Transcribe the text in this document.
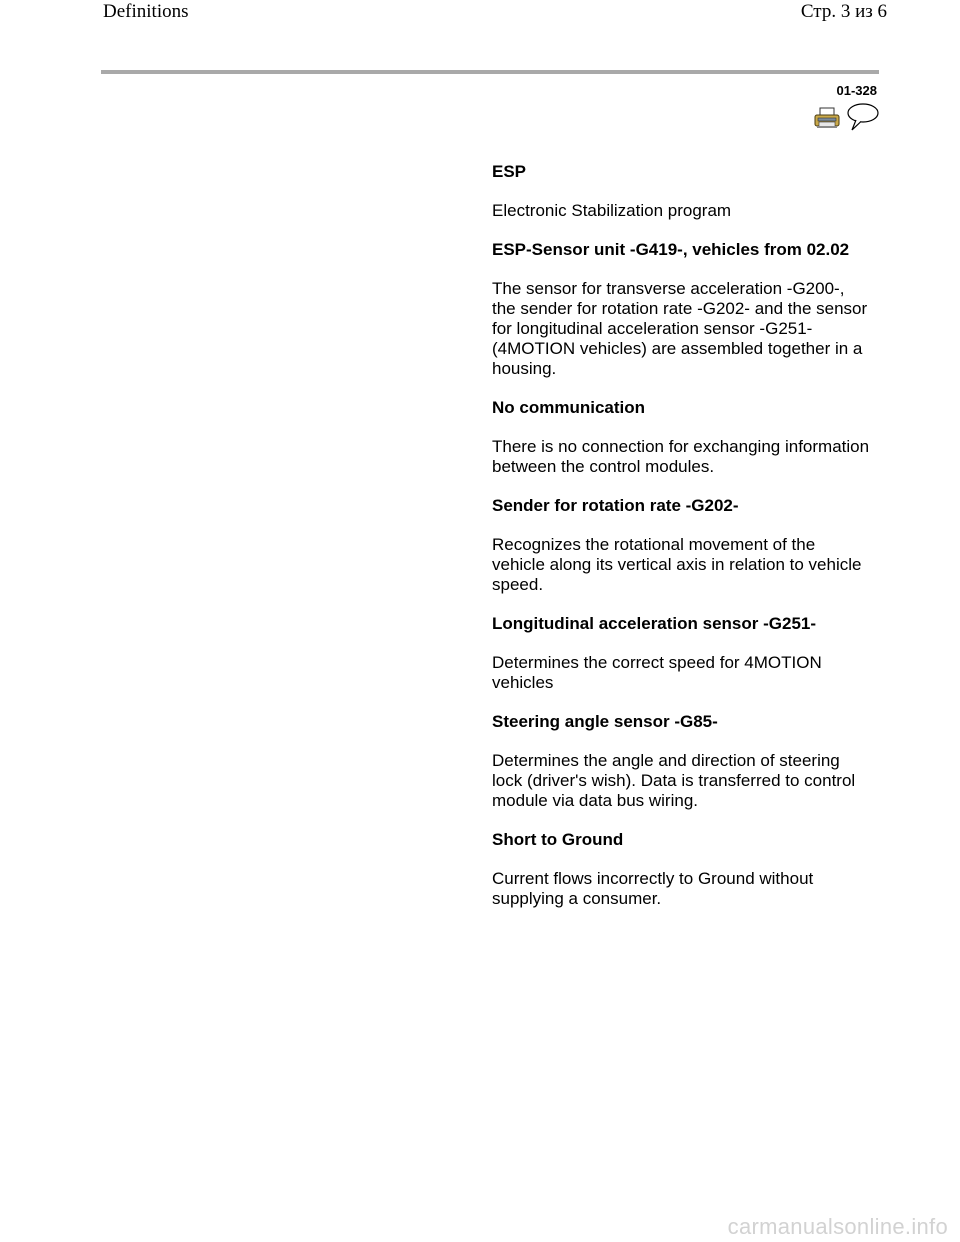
Definitions	Стр. 3 из 6
01-328

ESP

Electronic Stabilization program

ESP-Sensor unit -G419-, vehicles from 02.02

The sensor for transverse acceleration -G200-, the sender for rotation rate -G202- and the sensor for longitudinal acceleration sensor -G251- (4MOTION vehicles) are assembled together in a housing.

No communication

There is no connection for exchanging information between the control modules.

Sender for rotation rate -G202-

Recognizes the rotational movement of the vehicle along its vertical axis in relation to vehicle speed.

Longitudinal acceleration sensor -G251-

Determines the correct speed for 4MOTION vehicles

Steering angle sensor -G85-

Determines the angle and direction of steering lock (driver's wish). Data is transferred to control module via data bus wiring.

Short to Ground

Current flows incorrectly to Ground without supplying a consumer.

carmanualsonline.info
